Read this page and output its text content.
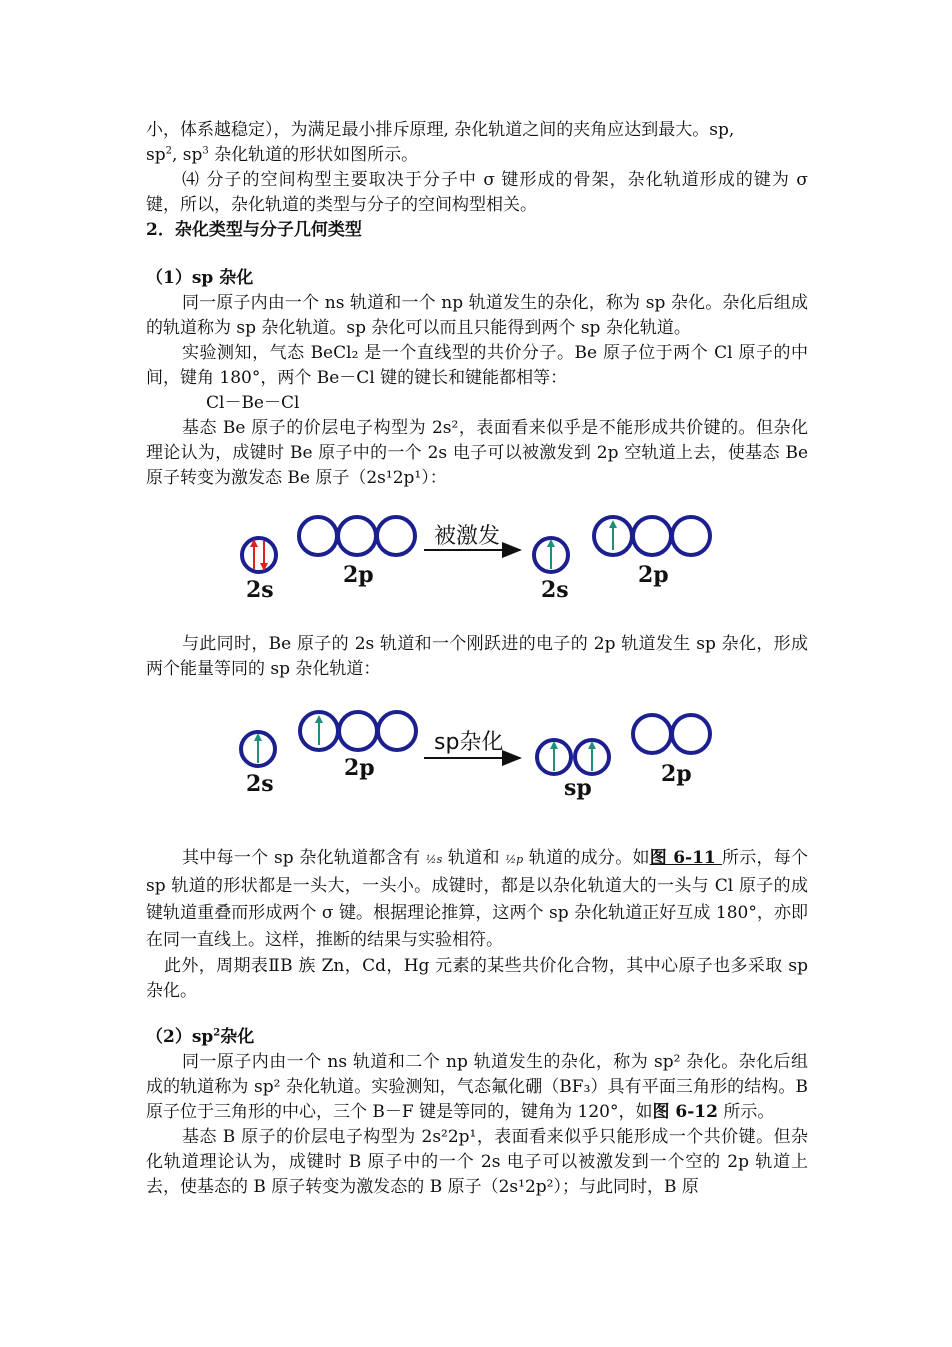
小，体系越稳定），为满足最小排斥原理, 杂化轨道之间的夹角应达到最大。sp,

$sp^2$, $sp^3$ 杂化轨道的形状如图所示。

⑷ 分子的空间构型主要取决于分子中 σ 键形成的骨架，杂化轨道形成的键为 σ 键，所以，杂化轨道的类型与分子的空间构型相关。

2．杂化类型与分子几何类型

（1）sp 杂化

同一原子内由一个 ns 轨道和一个 np 轨道发生的杂化，称为 sp 杂化。杂化后组成的轨道称为 sp 杂化轨道。sp 杂化可以而且只能得到两个 sp 杂化轨道。

实验测知，气态 BeCl₂ 是一个直线型的共价分子。Be 原子位于两个 Cl 原子的中间，键角 180°，两个 Be－Cl 键的键长和键能都相等：

Cl－Be－Cl

基态 Be 原子的价层电子构型为 2s²，表面看来似乎是不能形成共价键的。但杂化理论认为，成键时 Be 原子中的一个 2s 电子可以被激发到 2p 空轨道上去，使基态 Be 原子转变为激发态 Be 原子（2s¹2p¹）：

2s
2p
被激发
2s
2p

与此同时，Be 原子的 2s 轨道和一个刚跃进的电子的 2p 轨道发生 sp 杂化，形成两个能量等同的 sp 杂化轨道：

2s
2p
sp杂化
sp
2p

其中每一个 sp 杂化轨道都含有 ½s 轨道和 ½p 轨道的成分。如图 6-11 所示，每个 sp 轨道的形状都是一头大，一头小。成键时，都是以杂化轨道大的一头与 Cl 原子的成键轨道重叠而形成两个 σ 键。根据理论推算，这两个 sp 杂化轨道正好互成 180°，亦即在同一直线上。这样，推断的结果与实验相符。

此外，周期表ⅡB 族 Zn，Cd，Hg 元素的某些共价化合物，其中心原子也多采取 sp 杂化。

$(2)sp^2$杂化

同一原子内由一个 ns 轨道和二个 np 轨道发生的杂化，称为 sp² 杂化。杂化后组成的轨道称为 sp² 杂化轨道。实验测知，气态氟化硼（BF₃）具有平面三角形的结构。B 原子位于三角形的中心，三个 B－F 键是等同的，键角为 120°，如图 6-12 所示。

基态 B 原子的价层电子构型为 2s²2p¹，表面看来似乎只能形成一个共价键。但杂化轨道理论认为，成键时 B 原子中的一个 2s 电子可以被激发到一个空的 2p 轨道上去，使基态的 B 原子转变为激发态的 B 原子（2s¹2p²）；与此同时，B 原
